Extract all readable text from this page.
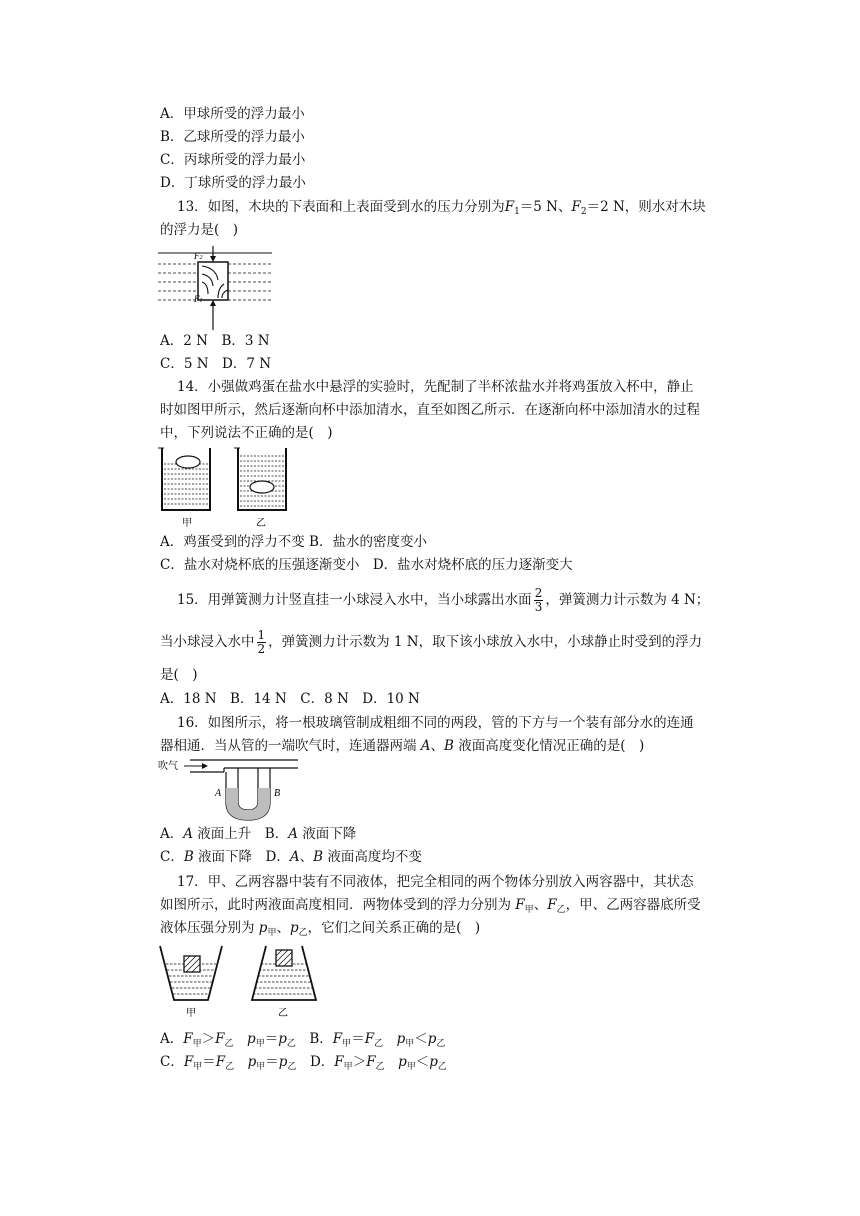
A．甲球所受的浮力最小
B．乙球所受的浮力最小
C．丙球所受的浮力最小
D．丁球所受的浮力最小
13．如图，木块的下表面和上表面受到水的压力分别为$F_1=5$ N、$F_2=2$ N，则水对木块
的浮力是(　)
F2
F1
A．2 N　B．3 N
C．5 N　D．7 N
14．小强做鸡蛋在盐水中悬浮的实验时，先配制了半杯浓盐水并将鸡蛋放入杯中，静止
时如图甲所示，然后逐渐向杯中添加清水，直至如图乙所示．在逐渐向杯中添加清水的过程
中，下列说法不正确的是(　)
甲	乙
A．鸡蛋受到的浮力不变 B．盐水的密度变小
C．盐水对烧杯底的压强逐渐变小　D．盐水对烧杯底的压力逐渐变大
15．用弹簧测力计竖直挂一小球浸入水中，当小球露出水面 $\frac{2}{3}$ ，弹簧测力计示数为 4 N；
当小球浸入水中 $\frac{1}{2}$ ，弹簧测力计示数为 1 N，取下该小球放入水中，小球静止时受到的浮力
是(　)
A．18 N　B．14 N　C．8 N　D．10 N
16．如图所示，将一根玻璃管制成粗细不同的两段，管的下方与一个装有部分水的连通
器相通．当从管的一端吹气时，连通器两端 A、B 液面高度变化情况正确的是(　)
吹气
A	B
A．A 液面上升　B．A 液面下降
C．B 液面下降　D．A、B 液面高度均不变
17．甲、乙两容器中装有不同液体，把完全相同的两个物体分别放入两容器中，其状态
如图所示，此时两液面高度相同．两物体受到的浮力分别为 $F_甲$、$F_乙$，甲、乙两容器底所受
液体压强分别为 $p_甲$、$p_乙$，它们之间关系正确的是(　)
甲	乙
A．$F_甲>F_乙$　 $p_甲=p_乙$　 B．$F_甲=F_乙$　 $p_甲<p_乙$
C．$F_甲=F_乙$　 $p_甲=p_乙$　 D．$F_甲>F_乙$　 $p_甲<p_乙$
